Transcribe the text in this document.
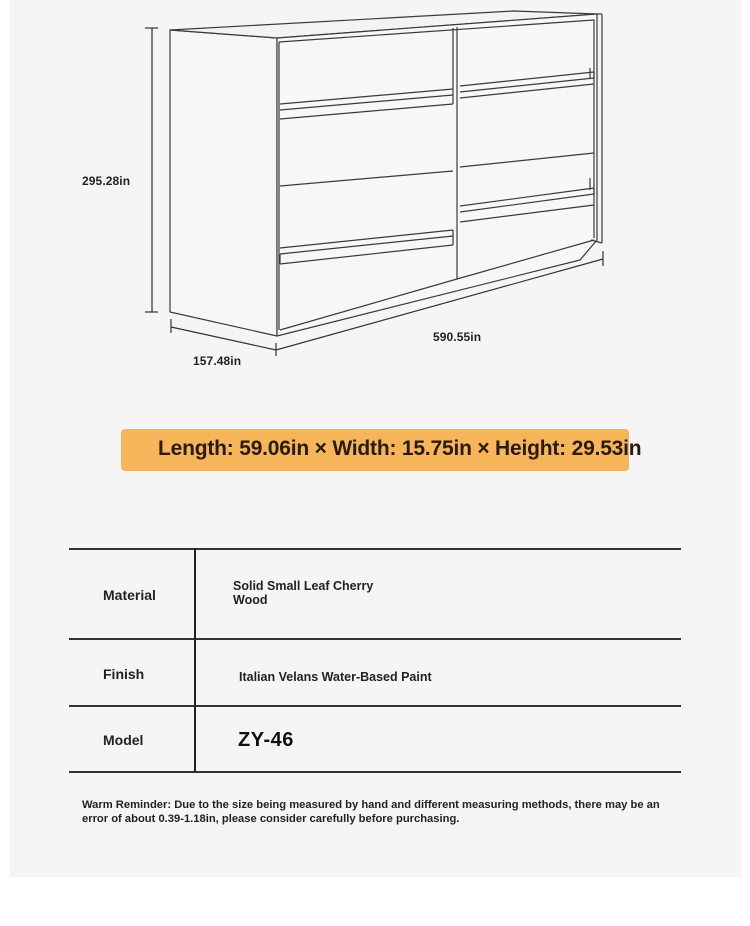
295.28in
157.48in
590.55in
Length: 59.06in × Width: 15.75in × Height: 29.53in
Material
Solid Small Leaf Cherry Wood
Finish	Italian Velans Water-Based Paint
Model	ZY-46
Warm Reminder: Due to the size being measured by hand and different measuring methods, there may be an error of about 0.39-1.18in, please consider carefully before purchasing.
